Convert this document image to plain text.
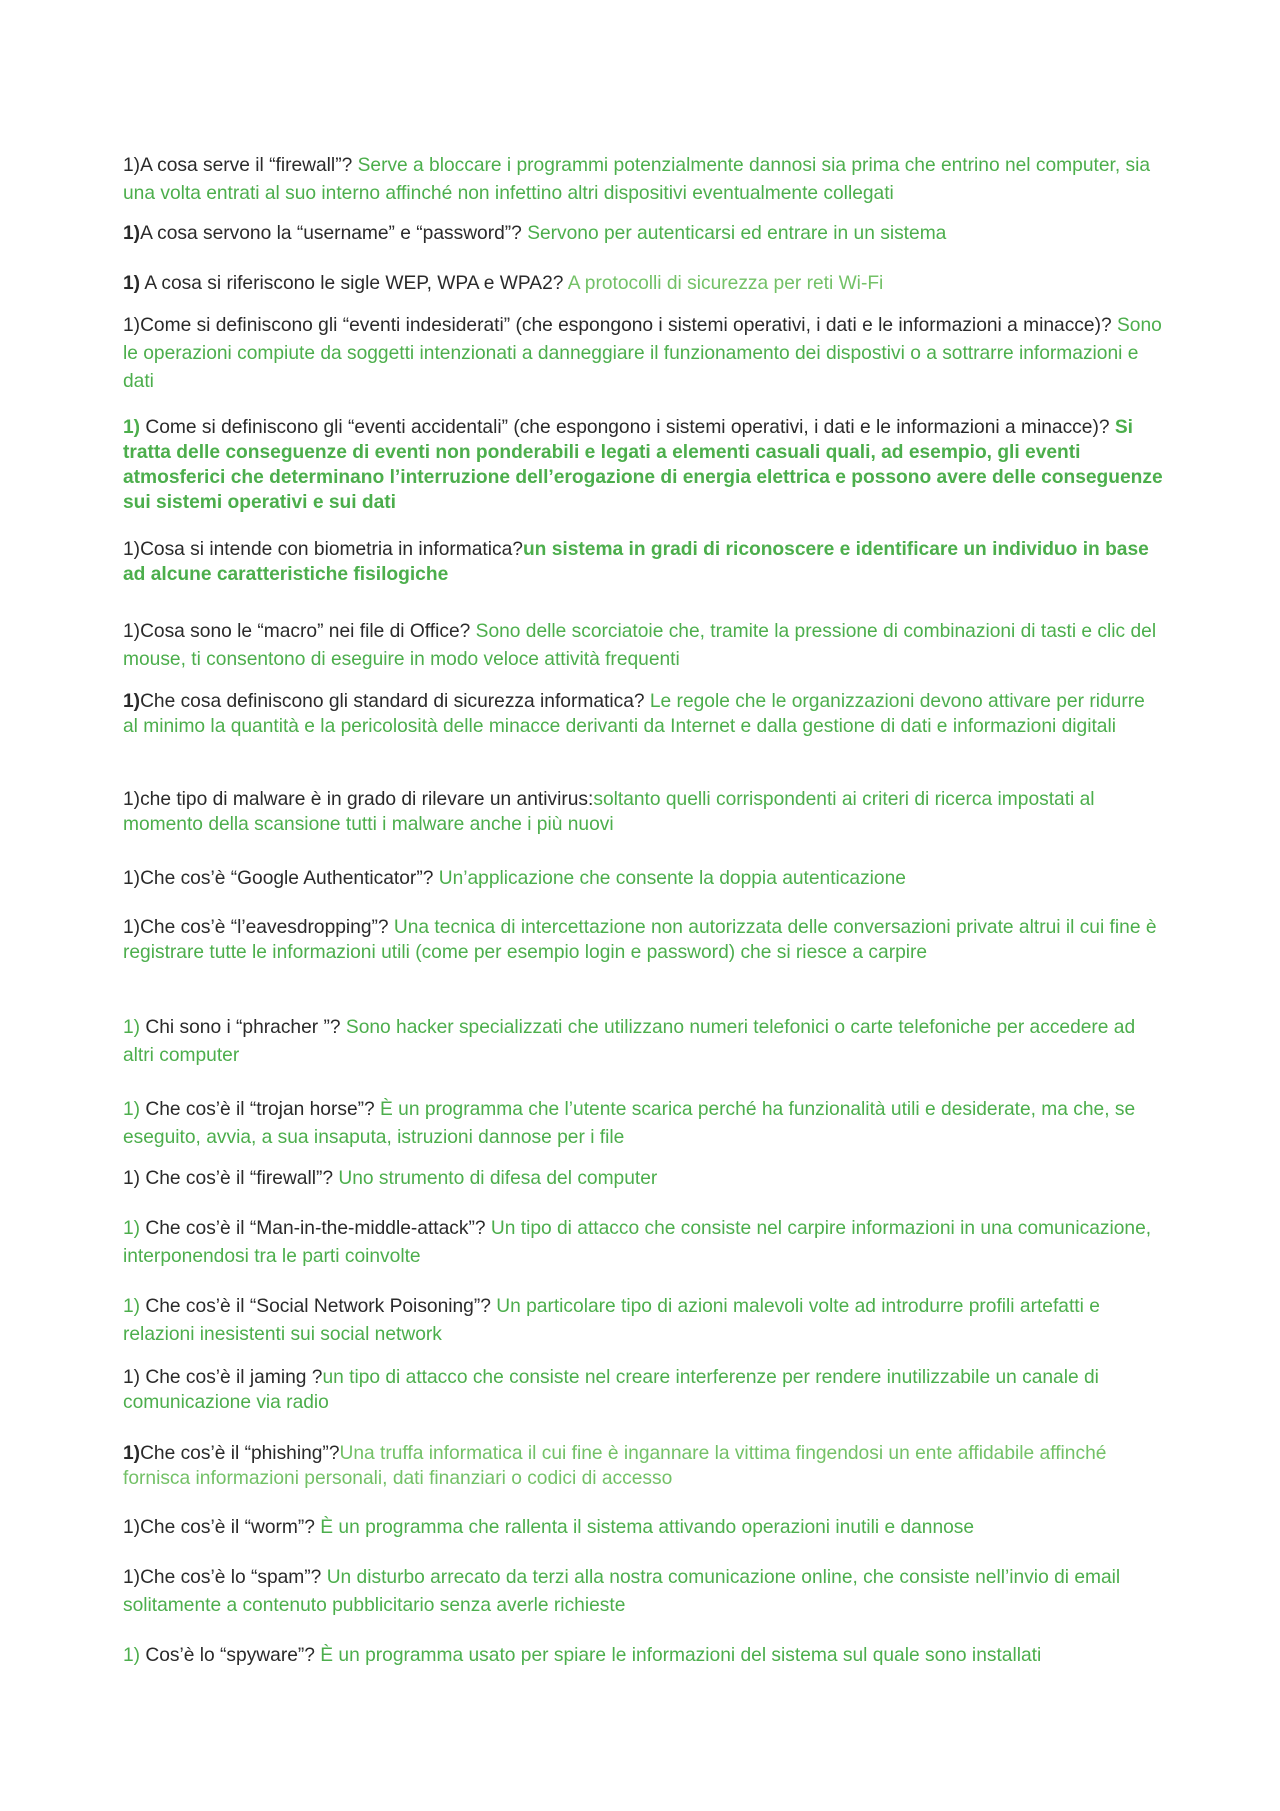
1)A cosa serve il “firewall”? Serve a bloccare i programmi potenzialmente dannosi sia prima che entrino nel computer, sia una volta entrati al suo interno affinché non infettino altri dispositivi eventualmente collegati

1)A cosa servono la “username” e “password”? Servono per autenticarsi ed entrare in un sistema

1) A cosa si riferiscono le sigle WEP, WPA e WPA2? A protocolli di sicurezza per reti Wi-Fi

1)Come si definiscono gli “eventi indesiderati” (che espongono i sistemi operativi, i dati e le informazioni a minacce)? Sono le operazioni compiute da soggetti intenzionati a danneggiare il funzionamento dei dispostivi o a sottrarre informazioni e dati

1) Come si definiscono gli “eventi accidentali” (che espongono i sistemi operativi, i dati e le informazioni a minacce)? Si tratta delle conseguenze di eventi non ponderabili e legati a elementi casuali quali, ad esempio, gli eventi atmosferici che determinano l’interruzione dell’erogazione di energia elettrica e possono avere delle conseguenze sui sistemi operativi e sui dati

1)Cosa si intende con biometria in informatica?un sistema in gradi di riconoscere e identificare un individuo in base ad alcune caratteristiche fisilogiche

1)Cosa sono le “macro” nei file di Office? Sono delle scorciatoie che, tramite la pressione di combinazioni di tasti e clic del mouse, ti consentono di eseguire in modo veloce attività frequenti

1)Che cosa definiscono gli standard di sicurezza informatica? Le regole che le organizzazioni devono attivare per ridurre al minimo la quantità e la pericolosità delle minacce derivanti da Internet e dalla gestione di dati e informazioni digitali

1)che tipo di malware è in grado di rilevare un antivirus:soltanto quelli corrispondenti ai criteri di ricerca impostati al momento della scansione tutti i malware anche i più nuovi

1)Che cos’è “Google Authenticator”? Un’applicazione che consente la doppia autenticazione

1)Che cos’è “l’eavesdropping”? Una tecnica di intercettazione non autorizzata delle conversazioni private altrui il cui fine è registrare tutte le informazioni utili (come per esempio login e password) che si riesce a carpire

1) Chi sono i “phracher ”? Sono hacker specializzati che utilizzano numeri telefonici o carte telefoniche per accedere ad altri computer

1) Che cos’è il “trojan horse”? È un programma che l’utente scarica perché ha funzionalità utili e desiderate, ma che, se eseguito, avvia, a sua insaputa, istruzioni dannose per i file

1) Che cos’è il “firewall”? Uno strumento di difesa del computer

1) Che cos’è il “Man-in-the-middle-attack”? Un tipo di attacco che consiste nel carpire informazioni in una comunicazione, interponendosi tra le parti coinvolte

1) Che cos’è il “Social Network Poisoning”? Un particolare tipo di azioni malevoli volte ad introdurre profili artefatti e relazioni inesistenti sui social network

1) Che cos’è il jaming ?un tipo di attacco che consiste nel creare interferenze per rendere inutilizzabile un canale di comunicazione via radio

1)Che cos’è il “phishing”?Una truffa informatica il cui fine è ingannare la vittima fingendosi un ente affidabile affinché fornisca informazioni personali, dati finanziari o codici di accesso

1)Che cos’è il “worm”? È un programma che rallenta il sistema attivando operazioni inutili e dannose

1)Che cos’è lo “spam”? Un disturbo arrecato da terzi alla nostra comunicazione online, che consiste nell’invio di email solitamente a contenuto pubblicitario senza averle richieste

1) Cos’è lo “spyware”? È un programma usato per spiare le informazioni del sistema sul quale sono installati
